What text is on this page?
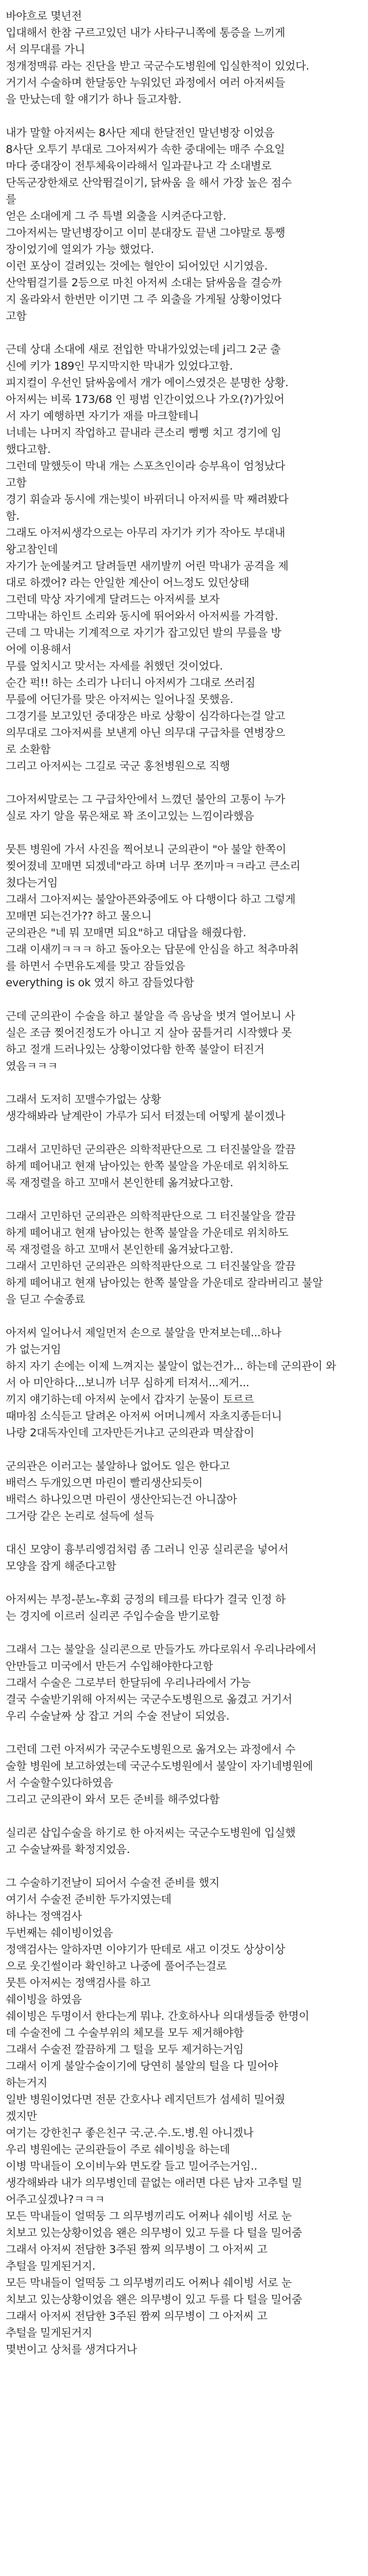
바야흐로 몇년전
입대해서 한참 구르고있던 내가 사타구니쪽에 통증을 느끼게
서 의무대를 가니
정개정맥류 라는 진단을 받고 국군수도병원에 입실한적이 있었다.
거기서 수술하며 한달동안 누워있던 과정에서 여러 아저씨들
을 만났는데 할 얘기가 하나 들고자함.
내가 말할 아저씨는 8사단 제대 한달전인 말년병장 이었음
8사단 오투기 부대로 그아저씨가 속한 중대에는 매주 수요일
마다 중대장이 전투체육이라해서 일과끝나고 각 소대별로
단독군장한채로 산악뜀걸이기, 닭싸움 을 해서 가장 높은 점수
를
얻은 소대에게 그 주 특별 외출을 시켜준다고함.
그아저씨는 말년병장이고 이미 분대장도 끝낸 그야말로 통쨍
장이었기에 열외가 가능 했었다.
이런 포상이 걸려있는 것에는 혈안이 되어있던 시기였음.
산악뜀걸기를 2등으로 마친 아저씨 소대는 닭싸움을 결승까
지 올라와서 한번만 이기면 그 주 외출을 가게될 상황이었다
고함
근데 상대 소대에 새로 전입한 막내가있었는데 j리그 2군 출
신에 키가 189인 무지막지한 막내가 있었다고함.
피지컬이 우선인 닭싸움에서 개가 에이스였것은 분명한 상황.
아저씨는 비록 173/68 인 평범 인간이었으나 가오(?)가있어
서 자기 예행하면 자기가 재를 마크할테니
너네는 나머지 작업하고 끝내라 큰소리 뻥뻥 치고 경기에 임
했다고함.
그런데 말했듯이 막내 개는 스포츠인이라 승부욕이 엄청났다
고함
경기 휘슬과 동시에 개는빛이 바뀌더니 아저씨를 막 째려봤다
함.
그래도 아저씨생각으로는 아무리 자기가 키가 작아도 부대내
왕고참인데
자기가 눈에불켜고 달려들면 새끼발끼 어린 막내가 공격을 제
대로 하겠어? 라는 안일한 계산이 어느정도 있던상태
그런데 막상 자기에게 달려드는 아저씨를 보자
그막내는 하인트 소리와 동시에 뛰어와서 아저씨를 가격함.
근데 그 막내는 기계적으로 자기가 잡고있던 발의 무릎을 방
어에 이용해서
무릎 엎치시고 맞서는 자세를 취했던 것이었다.
순간 퍽!! 하는 소리가 나더니 아저씨가 그대로 쓰러짐
무릎에 어딘가를 맞은 아저씨는 일어나질 못했음.
그경기를 보고있던 중대장은 바로 상황이 심각하다는걸 알고
의무대로 그아저씨를 보낸게 아닌 의무대 구급차를 연병장으
로 소환함
그리고 아저씨는 그길로 국군 홍천병원으로 직행
그아저씨말로는 그 구급차안에서 느꼈던 불안의 고통이 누가
실로 자기 알을 묶은채로 꽉 조이고있는 느낌이라했음
뭇튼 병원에 가서 사진을 찍어보니 군의관이 "아 불알 한쪽이
찢어졌네 꼬매면 되겠네"라고 하며 너무 쪼끼마ㅋㅋ라고 큰소리
쳤다는거임
그래서 그아저씨는 불알아픈와중에도 아 다행이다 하고 그렇게
꼬매면 되는건가?? 하고 물으니
군의관은 "네 뭐 꼬매면 되요"하고 대답을 해줬다함.
그래 이새끼ㅋㅋㅋ 하고 돌아오는 답문에 안심을 하고 척추마취
를 하면서 수면유도제를 맞고 잠들었음
everything is ok 였지 하고 잠들었다함
근데 군의관이 수술을 하고 불알을 즉 음낭을 벗겨 열어보니 사
실은 조금 찢어진정도가 아니고 지 살아 꿈틀거리 시작했다 못
하고 절개 드러나있는 상황이었다함 한쪽 불알이 터진거
였음ㅋㅋㅋ
그래서 도저히 꼬맬수가없는 상황
생각해봐라 날계란이 가루가 되서 터졌는데 어떻게 붙이겠나
그래서 고민하던 군의관은 의학적판단으로 그 터진불알을 깔끔
하게 떼어내고 현재 남아있는 한쪽 불알을 가운데로 위치하도
록 재정렬을 하고 꼬매서 본인한테 옮겨놨다고함.
그래서 고민하던 군의관은 의학적판단으로 그 터진불알을 깔끔
하게 떼어내고 현재 남아있는 한쪽 불알을 가운데로 위치하도
록 재정렬을 하고 꼬매서 본인한테 옮겨놨다고함.
그래서 고민하던 군의관은 의학적판단으로 그 터진불알을 깔끔
하게 떼어내고 현재 남아있는 한쪽 불알을 가운데로 잘라버리고 불알
을 딛고 수술종료
아저씨 일어나서 제일먼저 손으로 불알을 만져보는데...하나
가 없는거임
하지 자기 손에는 이제 느껴지는 불알이 없는건가... 하는데 군의관이 와
서 아 미안하다...보니까 너무 심하게 터져서...제거...
끼지 얘기하는데 아저씨 눈에서 갑자기 눈물이 토르르
때마침 소식듣고 달려온 아저씨 어머니께서 자초지종듣더니
나랑 2대독자인데 고자만든거냐고 군의관과 멱살잡이
군의관은 이러고는 불알하나 없어도 일은 한다고
배럭스 두개있으면 마린이 빨리생산되듯이
배럭스 하나있으면 마린이 생산안되는건 아니잖아
그거랑 같은 논리로 설득에 설득
대신 모양이 흉부리엥검처럼 좀 그러니 인공 실리콘을 넣어서
모양을 잡게 해준다고함
아저씨는 부정-분노-후회 긍정의 테크를 타다가 결국 인정 하
는 경지에 이르러 실리콘 주입수술을 받기로함
그래서 그는 불알을 실리콘으로 만들가도 까다로워서 우리나라에서
안만들고 미국에서 만든거 수입해야한다고함
그래서 수술은 그로부터 한달뒤에 우리나라에서 가능
결국 수술받기위해 아저씨는 국군수도병원으로 옮겼고 거기서
우리 수술날짜 상 잡고 거의 수술 전날이 되었음.
그런데 그런 아저씨가 국군수도병원으로 옮겨오는 과정에서 수
술할 병원에 보고하였는데 국군수도병원에서 불알이 자기네병원에
서 수술할수있다하였음
그리고 군의관이 와서 모든 준비를 해주었다함
실리콘 삽입수술을 하기로 한 아저씨는 국군수도병원에 입실했
고 수술날짜를 확정지었음.
그 수술하기전날이 되어서 수술전 준비를 했지
여기서 수술전 준비한 두가지였는데
하나는 정액검사
두번째는 쉐이빙이었음
정액검사는 알하자면 이야기가 딴데로 새고 이것도 상상이상
으로 웃긴썰이라 확인하고 나중에 풀어주는걸로
뭇튼 아저씨는 정액검사를 하고
쉐이빙을 하였음
쉐이빙은 두명이서 한다는게 뭐냐. 간호하사나 의대생들중 한명이
데 수술전에 그 수술부위의 체모를 모두 제거해야함
그래서 수술전 깔끔하게 그 털을 모두 제거하는거임
그래서 이게 불알수술이기에 당연히 불알의 털을 다 밀어야
하는거지
일반 병원이었다면 전문 간호사나 레지던트가 섬세히 밀어줬
겠지만
여기는 강한친구 좋은친구 국.군.수.도.병.원 아니겠나
우리 병원에는 군의관들이 주로 쉐이빙을 하는데
이병 막내들이 오이비누와 면도칼 들고 밀어주는거임..
생각해봐라 내가 의무병인데 끝없는 애러면 다른 남자 고추털 밀
어주고싶겠나?ㅋㅋㅋ
모든 막내들이 얼떡둥 그 의무병끼리도 어쩌나 쉐이빙 서로 눈
치보고 있는상황이었음 왠은 의무병이 있고 두를 다 털을 밀어줌
그래서 아저씨 전담한 3주된 짬찌 의무병이 그 아저씨 고
추털을 밀게된거지.
모든 막내들이 얼떡둥 그 의무병끼리도 어쩌나 쉐이빙 서로 눈
치보고 있는상황이었음 왠은 의무병이 있고 두를 다 털을 밀어줌
그래서 아저씨 전담한 3주된 짬찌 의무병이 그 아저씨 고
추털을 밀게된거지
몇번이고 상처를 생겨다거나
